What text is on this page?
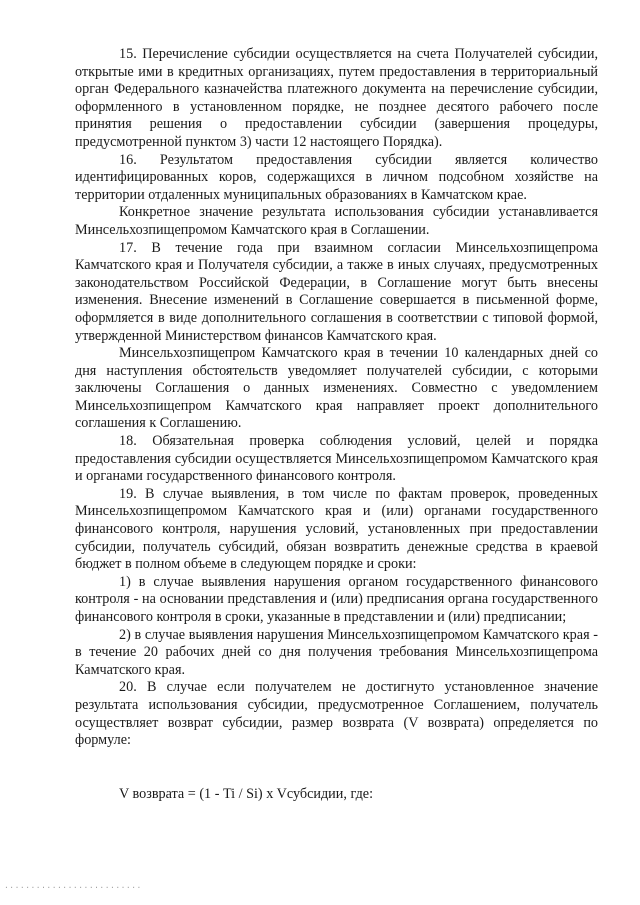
15. Перечисление субсидии осуществляется на счета Получателей субсидии, открытые ими в кредитных организациях, путем предоставления в территориальный орган Федерального казначейства платежного документа на перечисление субсидии, оформленного в установленном порядке, не позднее десятого рабочего после принятия решения о предоставлении субсидии (завершения процедуры, предусмотренной пунктом 3) части 12 настоящего Порядка).

16. Результатом предоставления субсидии является количество идентифицированных коров, содержащихся в личном подсобном хозяйстве на территории отдаленных муниципальных образованиях в Камчатском крае.

Конкретное значение результата использования субсидии устанавливается Минсельхозпищепромом Камчатского края в Соглашении.

17. В течение года при взаимном согласии Минсельхозпищепрома Камчатского края и Получателя субсидии, а также в иных случаях, предусмотренных законодательством Российской Федерации, в Соглашение могут быть внесены изменения. Внесение изменений в Соглашение совершается в письменной форме, оформляется в виде дополнительного соглашения в соответствии с типовой формой, утвержденной Министерством финансов Камчатского края.

Минсельхозпищепром Камчатского края в течении 10 календарных дней со дня наступления обстоятельств уведомляет получателей субсидии, с которыми заключены Соглашения о данных изменениях. Совместно с уведомлением Минсельхозпищепром Камчатского края направляет проект дополнительного соглашения к Соглашению.

18. Обязательная проверка соблюдения условий, целей и порядка предоставления субсидии осуществляется Минсельхозпищепромом Камчатского края и органами государственного финансового контроля.

19. В случае выявления, в том числе по фактам проверок, проведенных Минсельхозпищепромом Камчатского края и (или) органами государственного финансового контроля, нарушения условий, установленных при предоставлении субсидии, получатель субсидий, обязан возвратить денежные средства в краевой бюджет в полном объеме в следующем порядке и сроки:

1) в случае выявления нарушения органом государственного финансового контроля - на основании представления и (или) предписания органа государственного финансового контроля в сроки, указанные в представлении и (или) предписании;

2) в случае выявления нарушения Минсельхозпищепромом Камчатского края - в течение 20 рабочих дней со дня получения требования Минсельхозпищепрома Камчатского края.

20. В случае если получателем не достигнуто установленное значение результата использования субсидии, предусмотренное Соглашением, получатель осуществляет возврат субсидии, размер возврата (V возврата) определяется по формуле:

V возврата = (1 - Ti / Si) x Vсубсидии, где:

..........................
